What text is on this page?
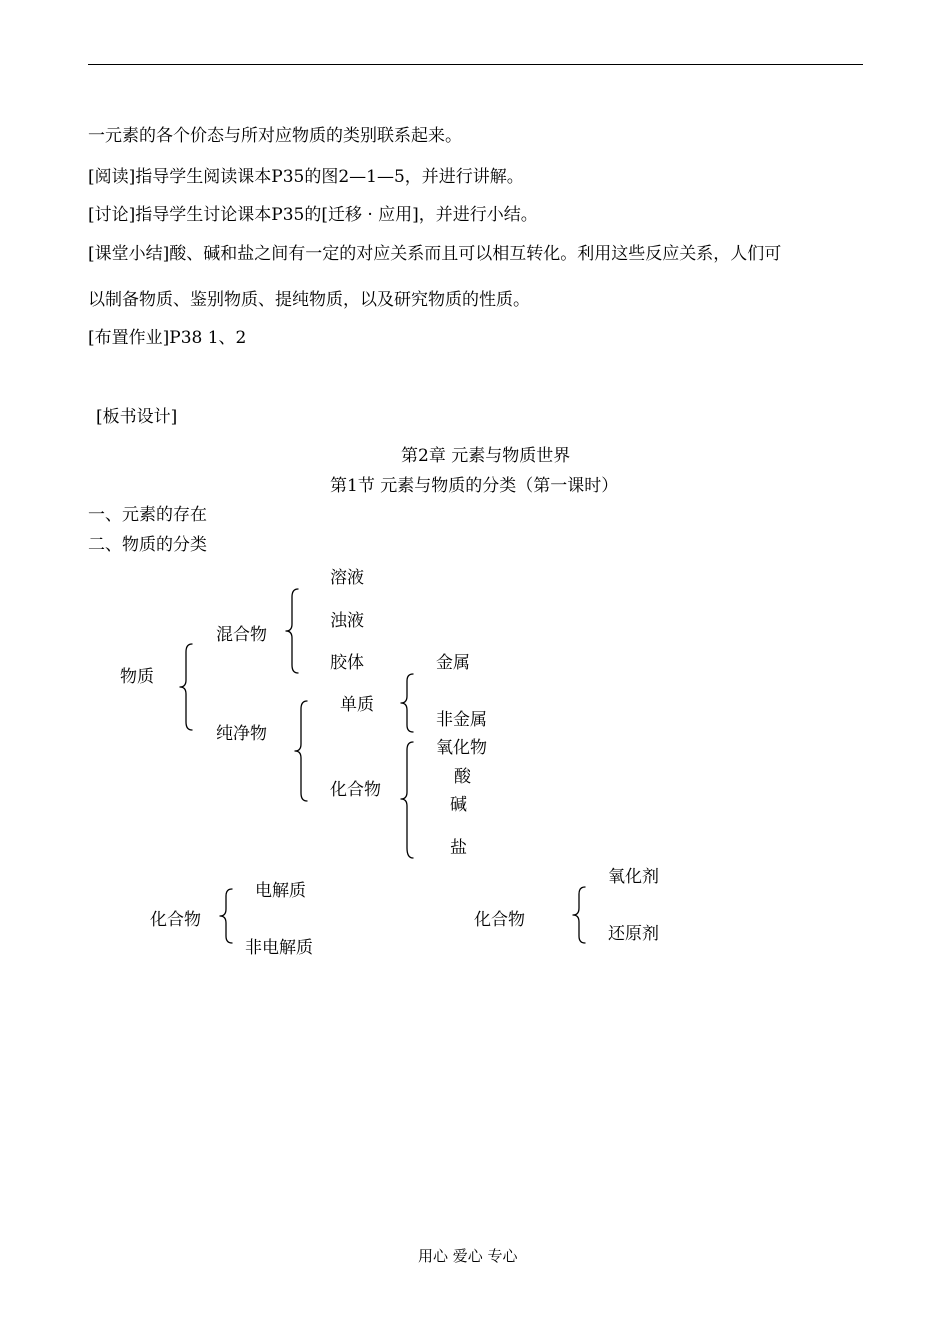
一元素的各个价态与所对应物质的类别联系起来。
[阅读]指导学生阅读课本P35的图2—1—5，并进行讲解。
[讨论]指导学生讨论课本P35的[迁移 · 应用]，并进行小结。
[课堂小结]酸、碱和盐之间有一定的对应关系而且可以相互转化。利用这些反应关系，人们可
以制备物质、鉴别物质、提纯物质，以及研究物质的性质。
[布置作业]P38 1、2
[板书设计]
第2章 元素与物质世界
第1节 元素与物质的分类（第一课时）
一、元素的存在
二、物质的分类
物质
混合物
溶液
浊液
胶体
纯净物
单质
金属
非金属
化合物
氧化物
酸
碱
盐
化合物
电解质
非电解质
化合物
氧化剂
还原剂
用心 爱心 专心
